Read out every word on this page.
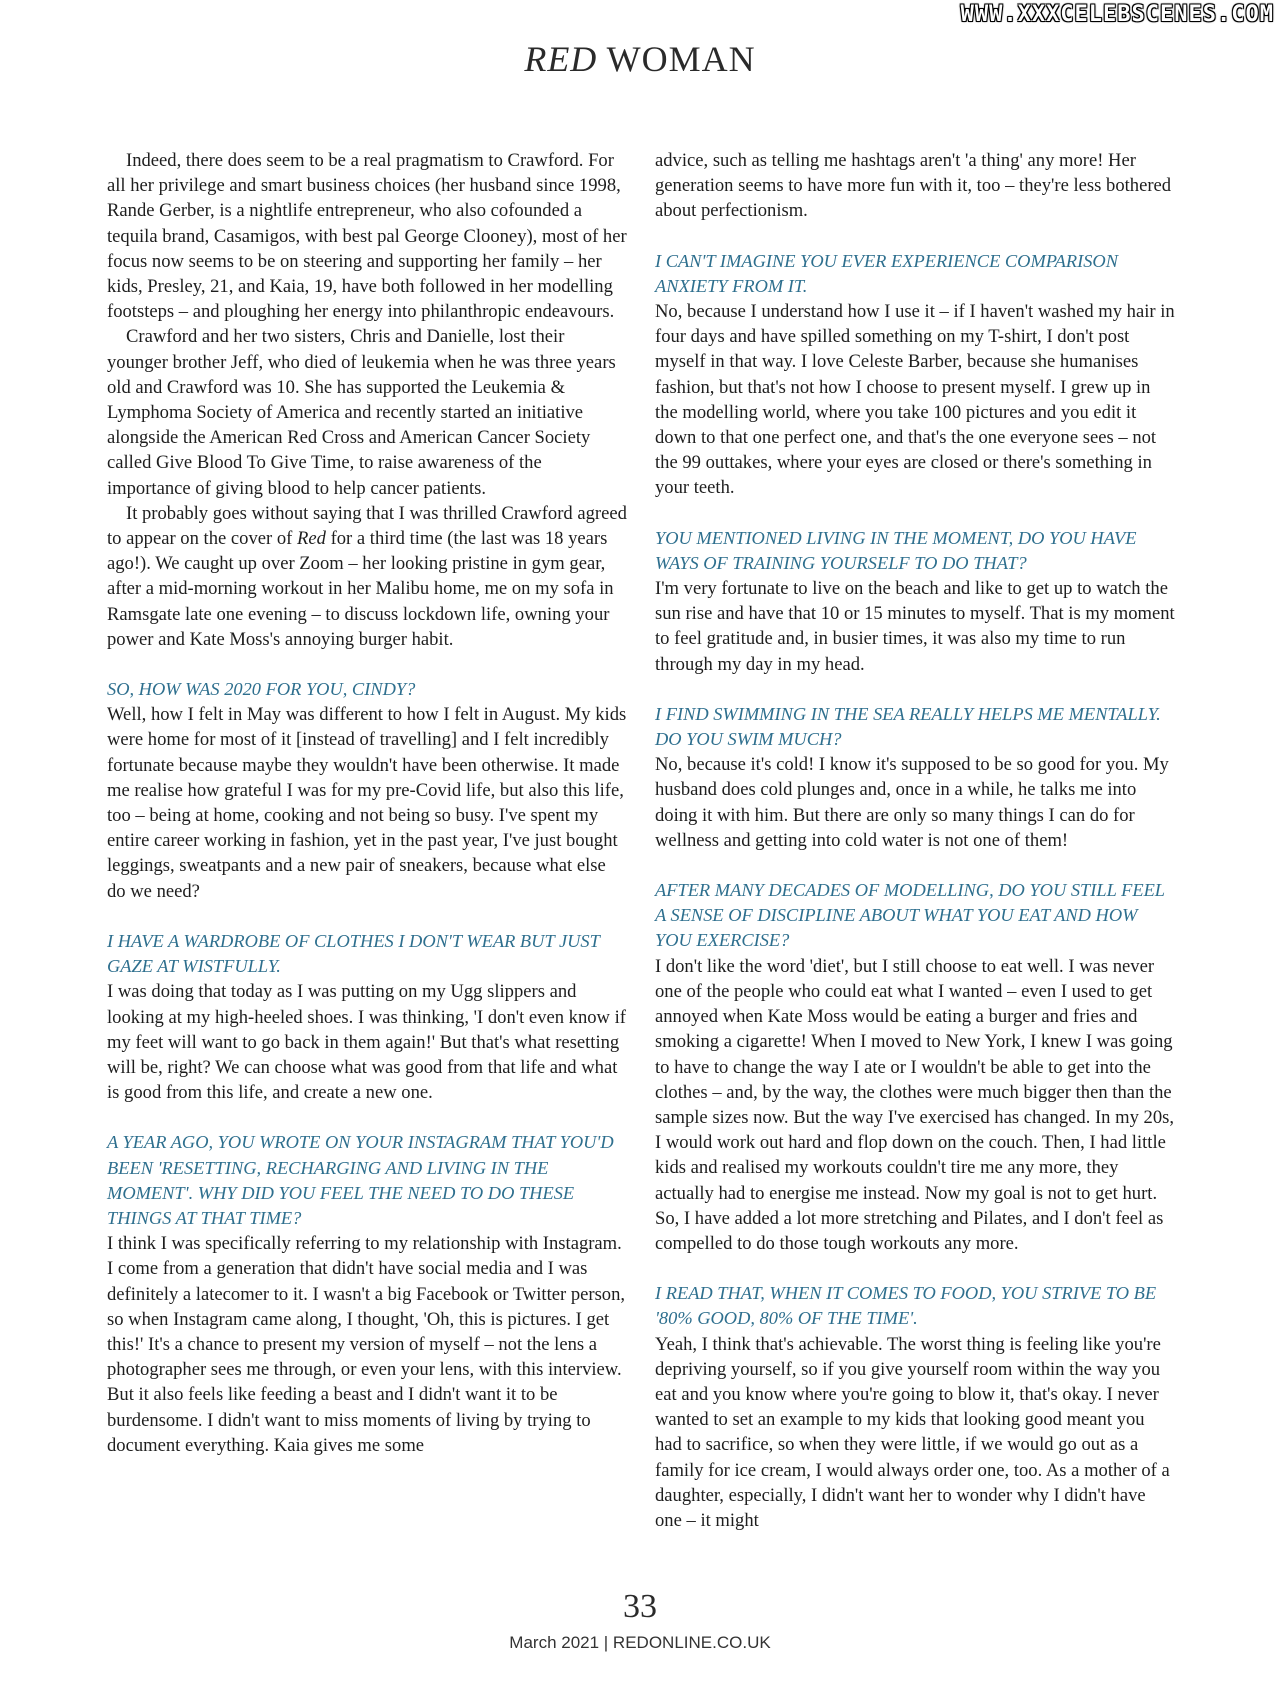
WWW.XXXCELEBSCENES.COM
RED WOMAN

Indeed, there does seem to be a real pragmatism to Crawford. For all her privilege and smart business choices (her husband since 1998, Rande Gerber, is a nightlife entrepreneur, who also cofounded a tequila brand, Casamigos, with best pal George Clooney), most of her focus now seems to be on steering and supporting her family – her kids, Presley, 21, and Kaia, 19, have both followed in her modelling footsteps – and ploughing her energy into philanthropic endeavours.

Crawford and her two sisters, Chris and Danielle, lost their younger brother Jeff, who died of leukemia when he was three years old and Crawford was 10. She has supported the Leukemia & Lymphoma Society of America and recently started an initiative alongside the American Red Cross and American Cancer Society called Give Blood To Give Time, to raise awareness of the importance of giving blood to help cancer patients.

It probably goes without saying that I was thrilled Crawford agreed to appear on the cover of Red for a third time (the last was 18 years ago!). We caught up over Zoom – her looking pristine in gym gear, after a mid-morning workout in her Malibu home, me on my sofa in Ramsgate late one evening – to discuss lockdown life, owning your power and Kate Moss's annoying burger habit.

SO, HOW WAS 2020 FOR YOU, CINDY?

Well, how I felt in May was different to how I felt in August. My kids were home for most of it [instead of travelling] and I felt incredibly fortunate because maybe they wouldn't have been otherwise. It made me realise how grateful I was for my pre-Covid life, but also this life, too – being at home, cooking and not being so busy. I've spent my entire career working in fashion, yet in the past year, I've just bought leggings, sweatpants and a new pair of sneakers, because what else do we need?

I HAVE A WARDROBE OF CLOTHES I DON'T WEAR BUT JUST GAZE AT WISTFULLY.

I was doing that today as I was putting on my Ugg slippers and looking at my high-heeled shoes. I was thinking, 'I don't even know if my feet will want to go back in them again!' But that's what resetting will be, right? We can choose what was good from that life and what is good from this life, and create a new one.

A YEAR AGO, YOU WROTE ON YOUR INSTAGRAM THAT YOU'D BEEN 'RESETTING, RECHARGING AND LIVING IN THE MOMENT'. WHY DID YOU FEEL THE NEED TO DO THESE THINGS AT THAT TIME?

I think I was specifically referring to my relationship with Instagram. I come from a generation that didn't have social media and I was definitely a latecomer to it. I wasn't a big Facebook or Twitter person, so when Instagram came along, I thought, 'Oh, this is pictures. I get this!' It's a chance to present my version of myself – not the lens a photographer sees me through, or even your lens, with this interview. But it also feels like feeding a beast and I didn't want it to be burdensome. I didn't want to miss moments of living by trying to document everything. Kaia gives me some

advice, such as telling me hashtags aren't 'a thing' any more! Her generation seems to have more fun with it, too – they're less bothered about perfectionism.

I CAN'T IMAGINE YOU EVER EXPERIENCE COMPARISON ANXIETY FROM IT.

No, because I understand how I use it – if I haven't washed my hair in four days and have spilled something on my T-shirt, I don't post myself in that way. I love Celeste Barber, because she humanises fashion, but that's not how I choose to present myself. I grew up in the modelling world, where you take 100 pictures and you edit it down to that one perfect one, and that's the one everyone sees – not the 99 outtakes, where your eyes are closed or there's something in your teeth.

YOU MENTIONED LIVING IN THE MOMENT, DO YOU HAVE WAYS OF TRAINING YOURSELF TO DO THAT?

I'm very fortunate to live on the beach and like to get up to watch the sun rise and have that 10 or 15 minutes to myself. That is my moment to feel gratitude and, in busier times, it was also my time to run through my day in my head.

I FIND SWIMMING IN THE SEA REALLY HELPS ME MENTALLY. DO YOU SWIM MUCH?

No, because it's cold! I know it's supposed to be so good for you. My husband does cold plunges and, once in a while, he talks me into doing it with him. But there are only so many things I can do for wellness and getting into cold water is not one of them!

AFTER MANY DECADES OF MODELLING, DO YOU STILL FEEL A SENSE OF DISCIPLINE ABOUT WHAT YOU EAT AND HOW YOU EXERCISE?

I don't like the word 'diet', but I still choose to eat well. I was never one of the people who could eat what I wanted – even I used to get annoyed when Kate Moss would be eating a burger and fries and smoking a cigarette! When I moved to New York, I knew I was going to have to change the way I ate or I wouldn't be able to get into the clothes – and, by the way, the clothes were much bigger then than the sample sizes now. But the way I've exercised has changed. In my 20s, I would work out hard and flop down on the couch. Then, I had little kids and realised my workouts couldn't tire me any more, they actually had to energise me instead. Now my goal is not to get hurt. So, I have added a lot more stretching and Pilates, and I don't feel as compelled to do those tough workouts any more.

I READ THAT, WHEN IT COMES TO FOOD, YOU STRIVE TO BE '80% GOOD, 80% OF THE TIME'.

Yeah, I think that's achievable. The worst thing is feeling like you're depriving yourself, so if you give yourself room within the way you eat and you know where you're going to blow it, that's okay. I never wanted to set an example to my kids that looking good meant you had to sacrifice, so when they were little, if we would go out as a family for ice cream, I would always order one, too. As a mother of a daughter, especially, I didn't want her to wonder why I didn't have one – it might

33
March 2021 | REDONLINE.CO.UK
